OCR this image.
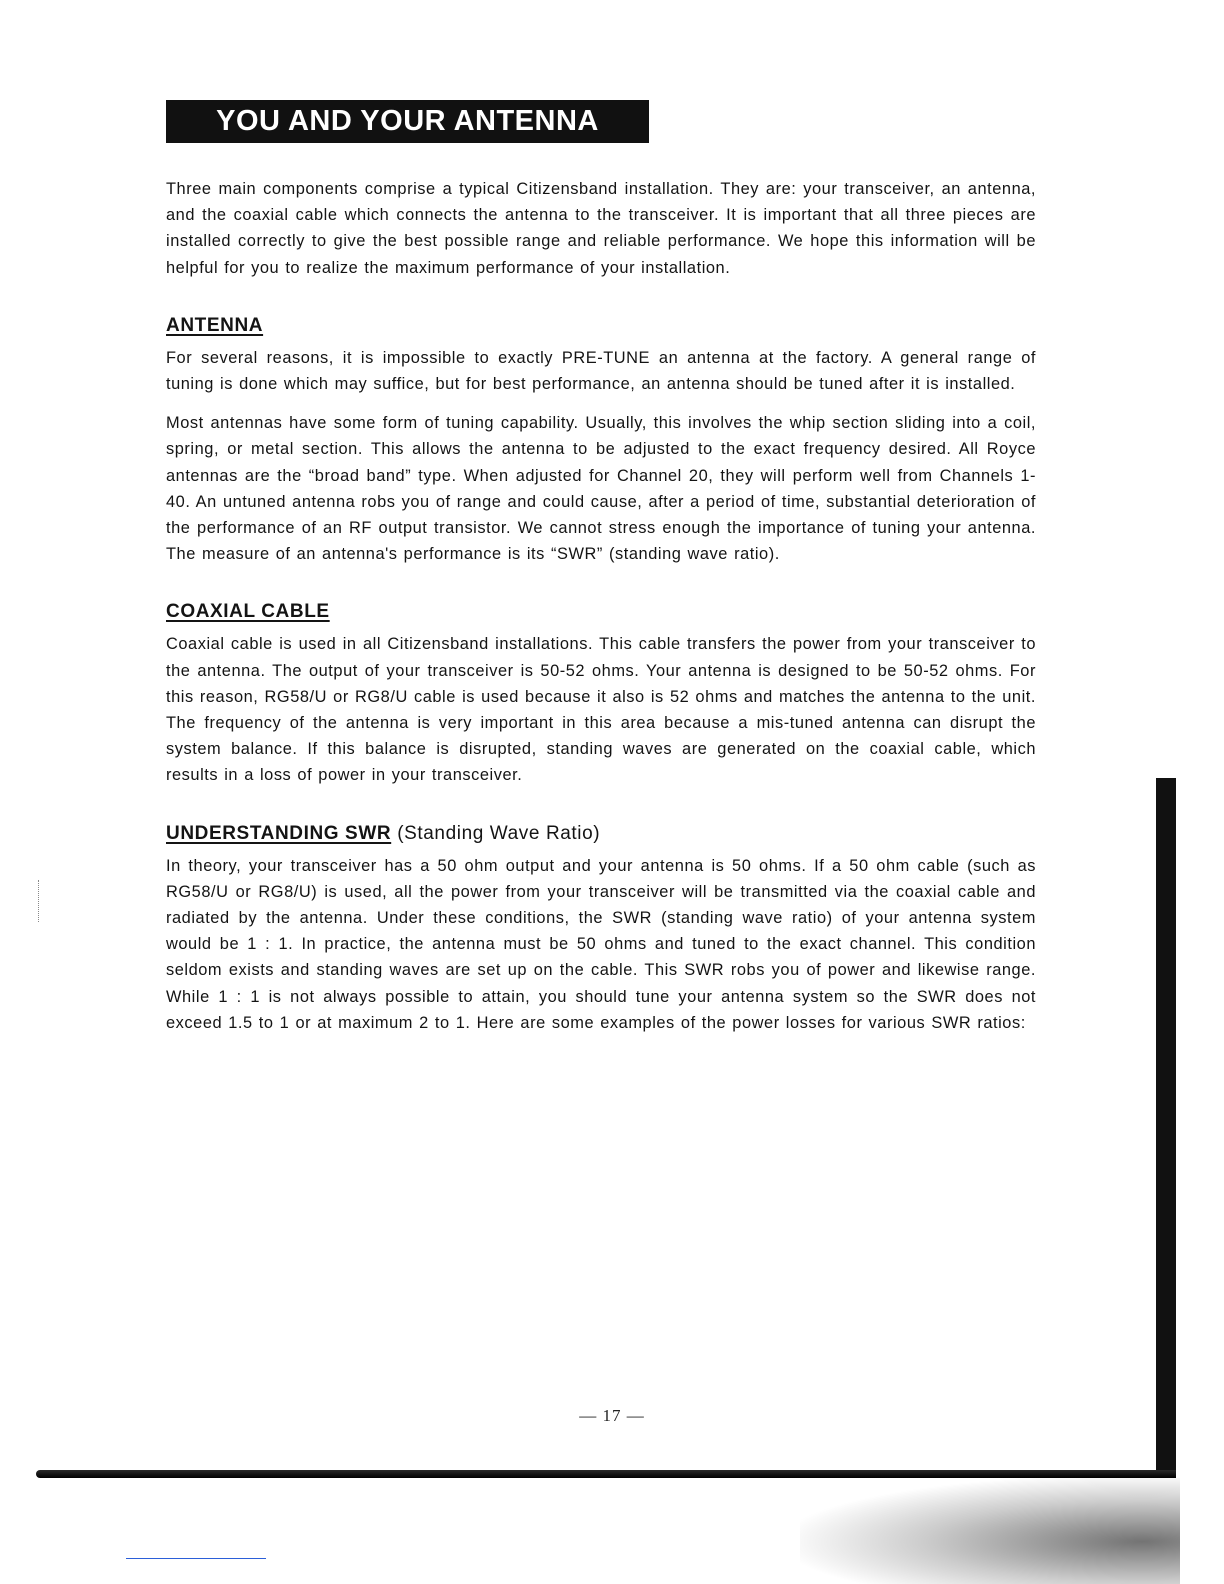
YOU AND YOUR ANTENNA

Three main components comprise a typical Citizensband installation. They are: your transceiver, an antenna, and the coaxial cable which connects the antenna to the transceiver. It is important that all three pieces are installed correctly to give the best possible range and reliable performance. We hope this information will be helpful for you to realize the maximum performance of your installation.

ANTENNA

For several reasons, it is impossible to exactly PRE-TUNE an antenna at the factory. A general range of tuning is done which may suffice, but for best performance, an antenna should be tuned after it is installed.

Most antennas have some form of tuning capability. Usually, this involves the whip section sliding into a coil, spring, or metal section. This allows the antenna to be adjusted to the exact frequency desired. All Royce antennas are the “broad band” type. When adjusted for Channel 20, they will perform well from Channels 1-40. An untuned antenna robs you of range and could cause, after a period of time, substantial deterioration of the performance of an RF output transistor. We cannot stress enough the importance of tuning your antenna. The measure of an antenna's performance is its “SWR” (standing wave ratio).

COAXIAL CABLE

Coaxial cable is used in all Citizensband installations. This cable transfers the power from your transceiver to the antenna. The output of your transceiver is 50-52 ohms. Your antenna is designed to be 50-52 ohms. For this reason, RG58/U or RG8/U cable is used because it also is 52 ohms and matches the antenna to the unit. The frequency of the antenna is very important in this area because a mis-tuned antenna can disrupt the system balance. If this balance is disrupted, standing waves are generated on the coaxial cable, which results in a loss of power in your transceiver.

UNDERSTANDING SWR (Standing Wave Ratio)

In theory, your transceiver has a 50 ohm output and your antenna is 50 ohms. If a 50 ohm cable (such as RG58/U or RG8/U) is used, all the power from your transceiver will be transmitted via the coaxial cable and radiated by the antenna. Under these conditions, the SWR (standing wave ratio) of your antenna system would be 1 : 1. In practice, the antenna must be 50 ohms and tuned to the exact channel. This condition seldom exists and standing waves are set up on the cable. This SWR robs you of power and likewise range. While 1 : 1 is not always possible to attain, you should tune your antenna system so the SWR does not exceed 1.5 to 1 or at maximum 2 to 1. Here are some examples of the power losses for various SWR ratios:

— 17 —
